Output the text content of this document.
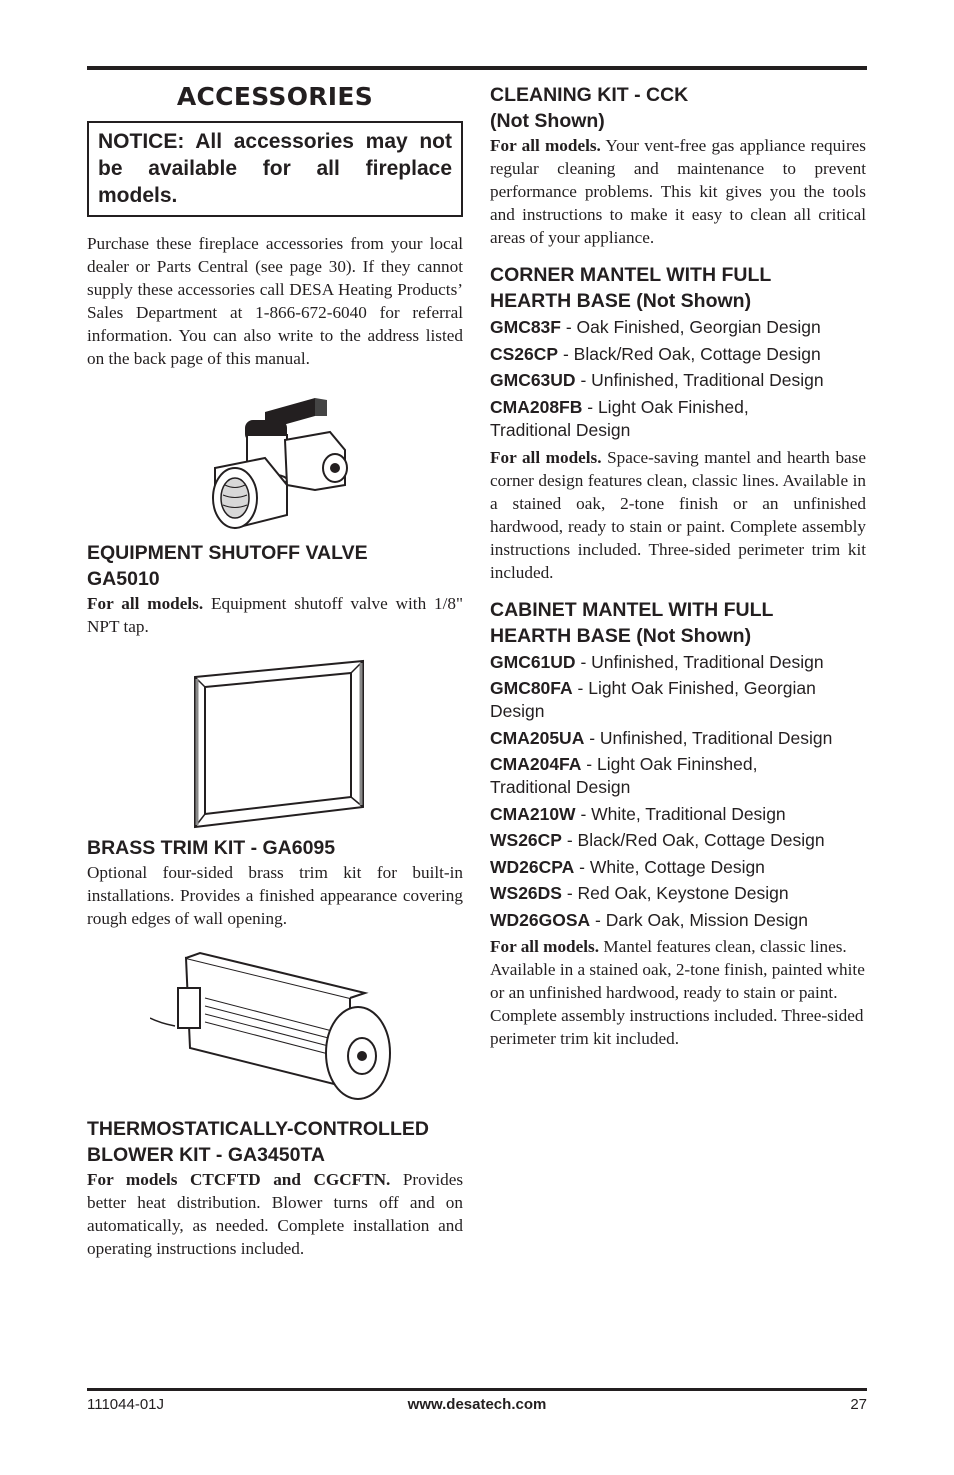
ACCESSORIES
NOTICE: All accessories may not be available for all fireplace models.

Purchase these fireplace accessories from your local dealer or Parts Central (see page 30). If they cannot supply these accessories call DESA Heating Products’ Sales Department at 1-866-672-6040 for referral information. You can also write to the address listed on the back page of this manual.

EQUIPMENT SHUTOFF VALVE
GA5010

For all models. Equipment shutoff valve with 1/8" NPT tap.

BRASS TRIM KIT - GA6095

Optional four-sided brass trim kit for built-in installations. Provides a finished appearance covering rough edges of wall opening.

THERMOSTATICALLY-CONTROLLED
BLOWER KIT - GA3450TA

For models CTCFTD and CGCFTN. Provides better heat distribution. Blower turns off and on automatically, as needed. Complete installation and operating instructions included.

CLEANING KIT - CCK
(Not Shown)

For all models. Your vent-free gas appliance requires regular cleaning and maintenance to prevent performance problems. This kit gives you the tools and instructions to make it easy to clean all critical areas of your appliance.

CORNER MANTEL WITH FULL
HEARTH BASE (Not Shown)
GMC83F - Oak Finished, Georgian Design
CS26CP - Black/Red Oak, Cottage Design
GMC63UD - Unfinished, Traditional Design
CMA208FB - Light Oak Finished, Traditional Design

For all models. Space-saving mantel and hearth base corner design features clean, classic lines. Available in a stained oak, 2-tone finish or an unfinished hardwood, ready to stain or paint. Complete assembly instructions included. Three-sided perimeter trim kit included.

CABINET MANTEL WITH FULL
HEARTH BASE (Not Shown)
GMC61UD - Unfinished, Traditional Design
GMC80FA - Light Oak Finished, Georgian Design
CMA205UA - Unfinished, Traditional Design
CMA204FA - Light Oak Fininshed, Traditional Design
CMA210W - White, Traditional Design
WS26CP - Black/Red Oak, Cottage Design
WD26CPA - White, Cottage Design
WS26DS - Red Oak, Keystone Design
WD26GOSA - Dark Oak, Mission Design

For all models. Mantel features clean, classic lines. Available in a stained oak, 2-tone finish, painted white or an unfinished hardwood, ready to stain or paint. Complete assembly instructions included. Three-sided perimeter trim kit included.

111044-01J	www.desatech.com	27
